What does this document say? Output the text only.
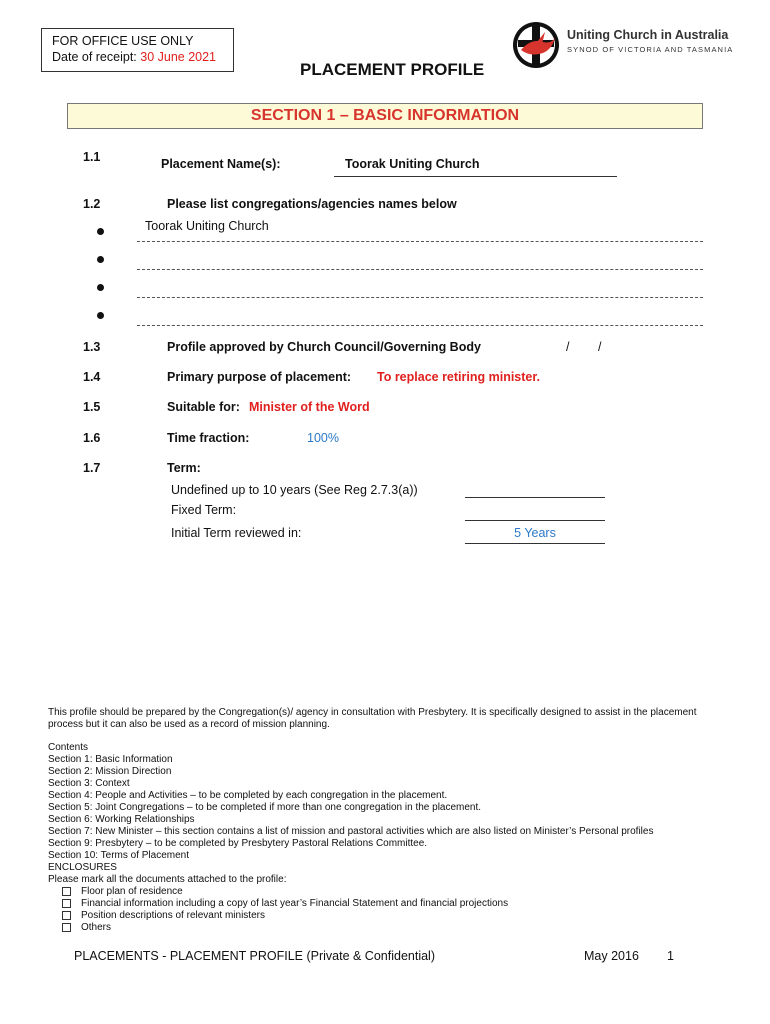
FOR OFFICE USE ONLY
Date of receipt: 30 June 2021
Uniting Church in Australia
SYNOD OF VICTORIA AND TASMANIA
PLACEMENT PROFILE
SECTION 1 – BASIC INFORMATION
1.1	Placement Name(s):	Toorak Uniting Church
1.2	Please list congregations/agencies names below
Toorak Uniting Church
1.3	Profile approved by Church Council/Governing Body	/ /
1.4	Primary purpose of placement: To replace retiring minister.
1.5	Suitable for: Minister of the Word
1.6	Time fraction:	100%
1.7	Term:
Undefined up to 10 years (See Reg 2.7.3(a))
Fixed Term:
Initial Term reviewed in:	5 Years
This profile should be prepared by the Congregation(s)/ agency in consultation with Presbytery. It is specifically designed to assist in the placement process but it can also be used as a record of mission planning.
Contents
Section 1: Basic Information
Section 2: Mission Direction
Section 3: Context
Section 4: People and Activities – to be completed by each congregation in the placement.
Section 5: Joint Congregations – to be completed if more than one congregation in the placement.
Section 6: Working Relationships
Section 7: New Minister – this section contains a list of mission and pastoral activities which are also listed on Minister’s Personal profiles
Section 9: Presbytery – to be completed by Presbytery Pastoral Relations Committee.
Section 10: Terms of Placement
ENCLOSURES
Please mark all the documents attached to the profile:
Floor plan of residence
Financial information including a copy of last year’s Financial Statement and financial projections
Position descriptions of relevant ministers
Others
PLACEMENTS - PLACEMENT PROFILE (Private & Confidential)	May 2016 1
